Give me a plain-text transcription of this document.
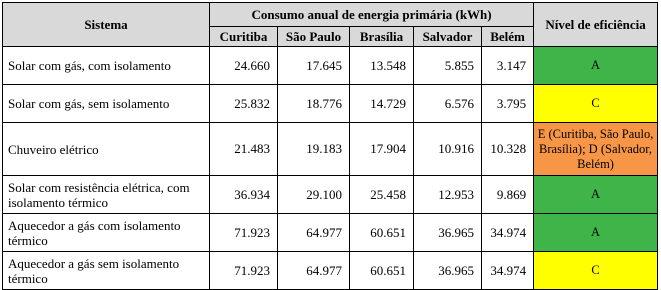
Sistema	Consumo anual de energia primária (kWh)					Nível de eficiência
	Curitiba	São Paulo	Brasília	Salvador	Belém	
Solar com gás, com isolamento	24.660	17.645	13.548	5.855	3.147	A
Solar com gás, sem isolamento	25.832	18.776	14.729	6.576	3.795	C
Chuveiro elétrico	21.483	19.183	17.904	10.916	10.328	E (Curitiba, São Paulo, Brasília); D (Salvador, Belém)
Solar com resistência elétrica, com isolamento térmico	36.934	29.100	25.458	12.953	9.869	A
Aquecedor a gás com isolamento térmico	71.923	64.977	60.651	36.965	34.974	A
Aquecedor a gás sem isolamento térmico	71.923	64.977	60.651	36.965	34.974	C
